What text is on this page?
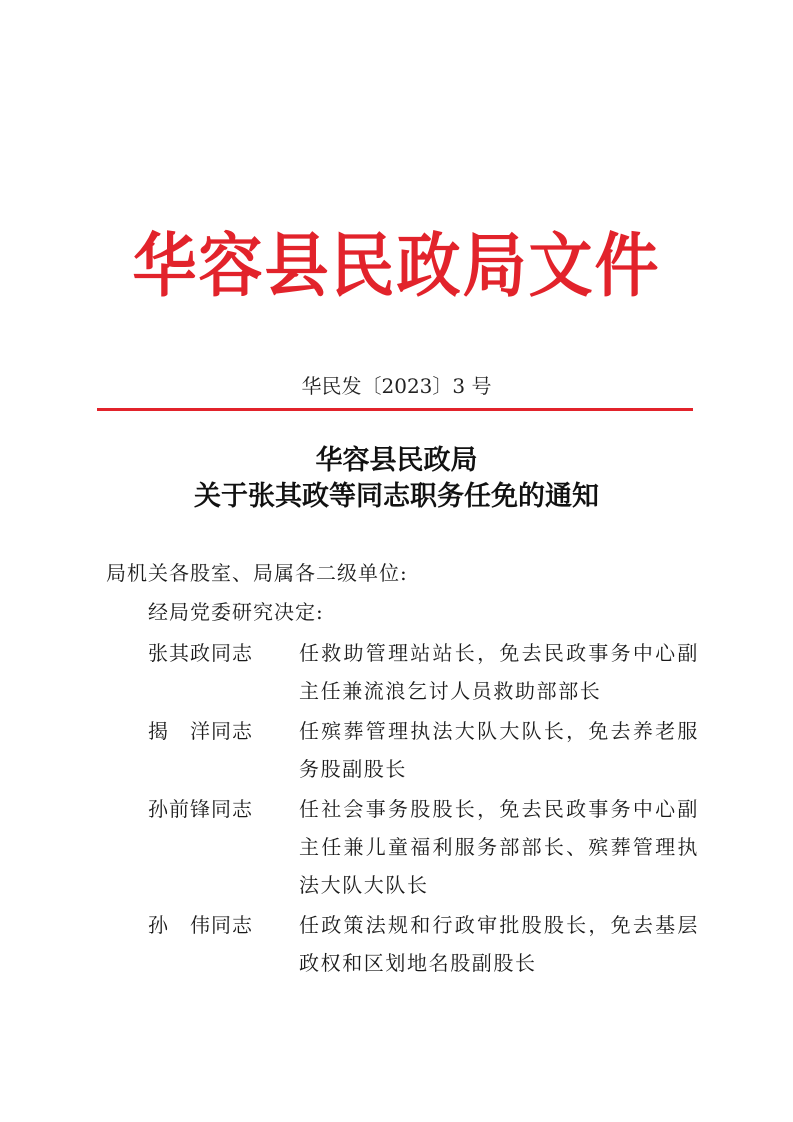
华容县民政局文件
华民发〔2023〕3 号
华容县民政局
关于张其政等同志职务任免的通知
局机关各股室、局属各二级单位:
经局党委研究决定:
张其政同志 任救助管理站站长，免去民政事务中心副主任兼流浪乞讨人员救助部部长
揭　洋同志 任殡葬管理执法大队大队长，免去养老服务股副股长
孙前锋同志 任社会事务股股长，免去民政事务中心副主任兼儿童福利服务部部长、殡葬管理执法大队大队长
孙　伟同志 任政策法规和行政审批股股长，免去基层政权和区划地名股副股长
